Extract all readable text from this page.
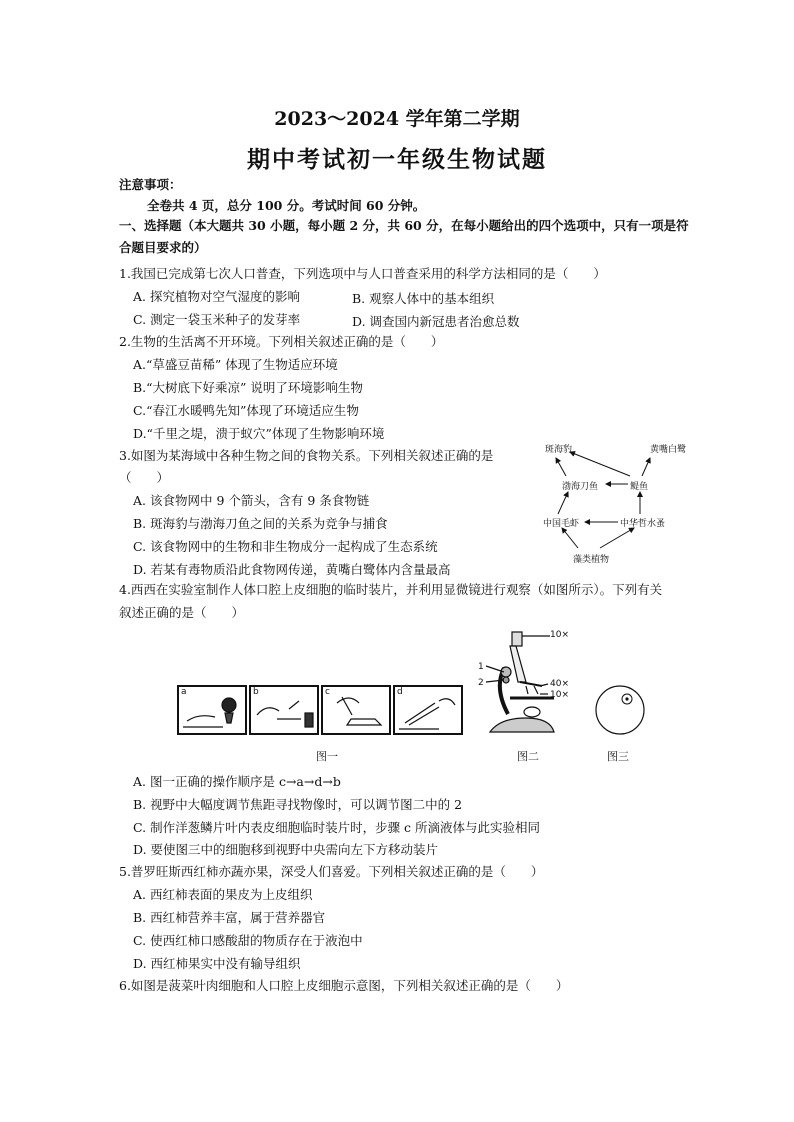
2023～2024 学年第二学期
期中考试初一年级生物试题
注意事项：
全卷共 4 页，总分 100 分。考试时间 60 分钟。
一、选择题（本大题共 30 小题，每小题 2 分，共 60 分，在每小题给出的四个选项中，只有一项是符
合题目要求的）
1.我国已完成第七次人口普查，下列选项中与人口普查采用的科学方法相同的是（　　）
A. 探究植物对空气湿度的影响	B. 观察人体中的基本组织
C. 测定一袋玉米种子的发芽率	D. 调查国内新冠患者治愈总数
2.生物的生活离不开环境。下列相关叙述正确的是（　　）
A.“草盛豆苗稀” 体现了生物适应环境
B.“大树底下好乘凉” 说明了环境影响生物
C.“春江水暖鸭先知”体现了环境适应生物
D.“千里之堤，溃于蚁穴”体现了生物影响环境
3.如图为某海域中各种生物之间的食物关系。下列相关叙述正确的是
（　　）
A. 该食物网中 9 个箭头，含有 9 条食物链
B. 斑海豹与渤海刀鱼之间的关系为竞争与捕食
C. 该食物网中的生物和非生物成分一起构成了生态系统
D. 若某有毒物质沿此食物网传递，黄嘴白鹭体内含量最高
斑海豹	黄嘴白鹭
渤海刀鱼	鳀鱼
中国毛虾	中华哲水蚤
藻类植物
4.西西在实验室制作人体口腔上皮细胞的临时装片，并利用显微镜进行观察（如图所示）。下列有关
叙述正确的是（　　）
a	b	c	d
图一
10×
1
2	40×
10×
图二	图三
A. 图一正确的操作顺序是 c→a→d→b
B. 视野中大幅度调节焦距寻找物像时，可以调节图二中的 2
C. 制作洋葱鳞片叶内表皮细胞临时装片时，步骤 c 所滴液体与此实验相同
D. 要使图三中的细胞移到视野中央需向左下方移动装片
5.普罗旺斯西红柿亦蔬亦果，深受人们喜爱。下列相关叙述正确的是（　　）
A. 西红柿表面的果皮为上皮组织
B. 西红柿营养丰富，属于营养器官
C. 使西红柿口感酸甜的物质存在于液泡中
D. 西红柿果实中没有输导组织
6.如图是菠菜叶肉细胞和人口腔上皮细胞示意图，下列相关叙述正确的是（　　）
